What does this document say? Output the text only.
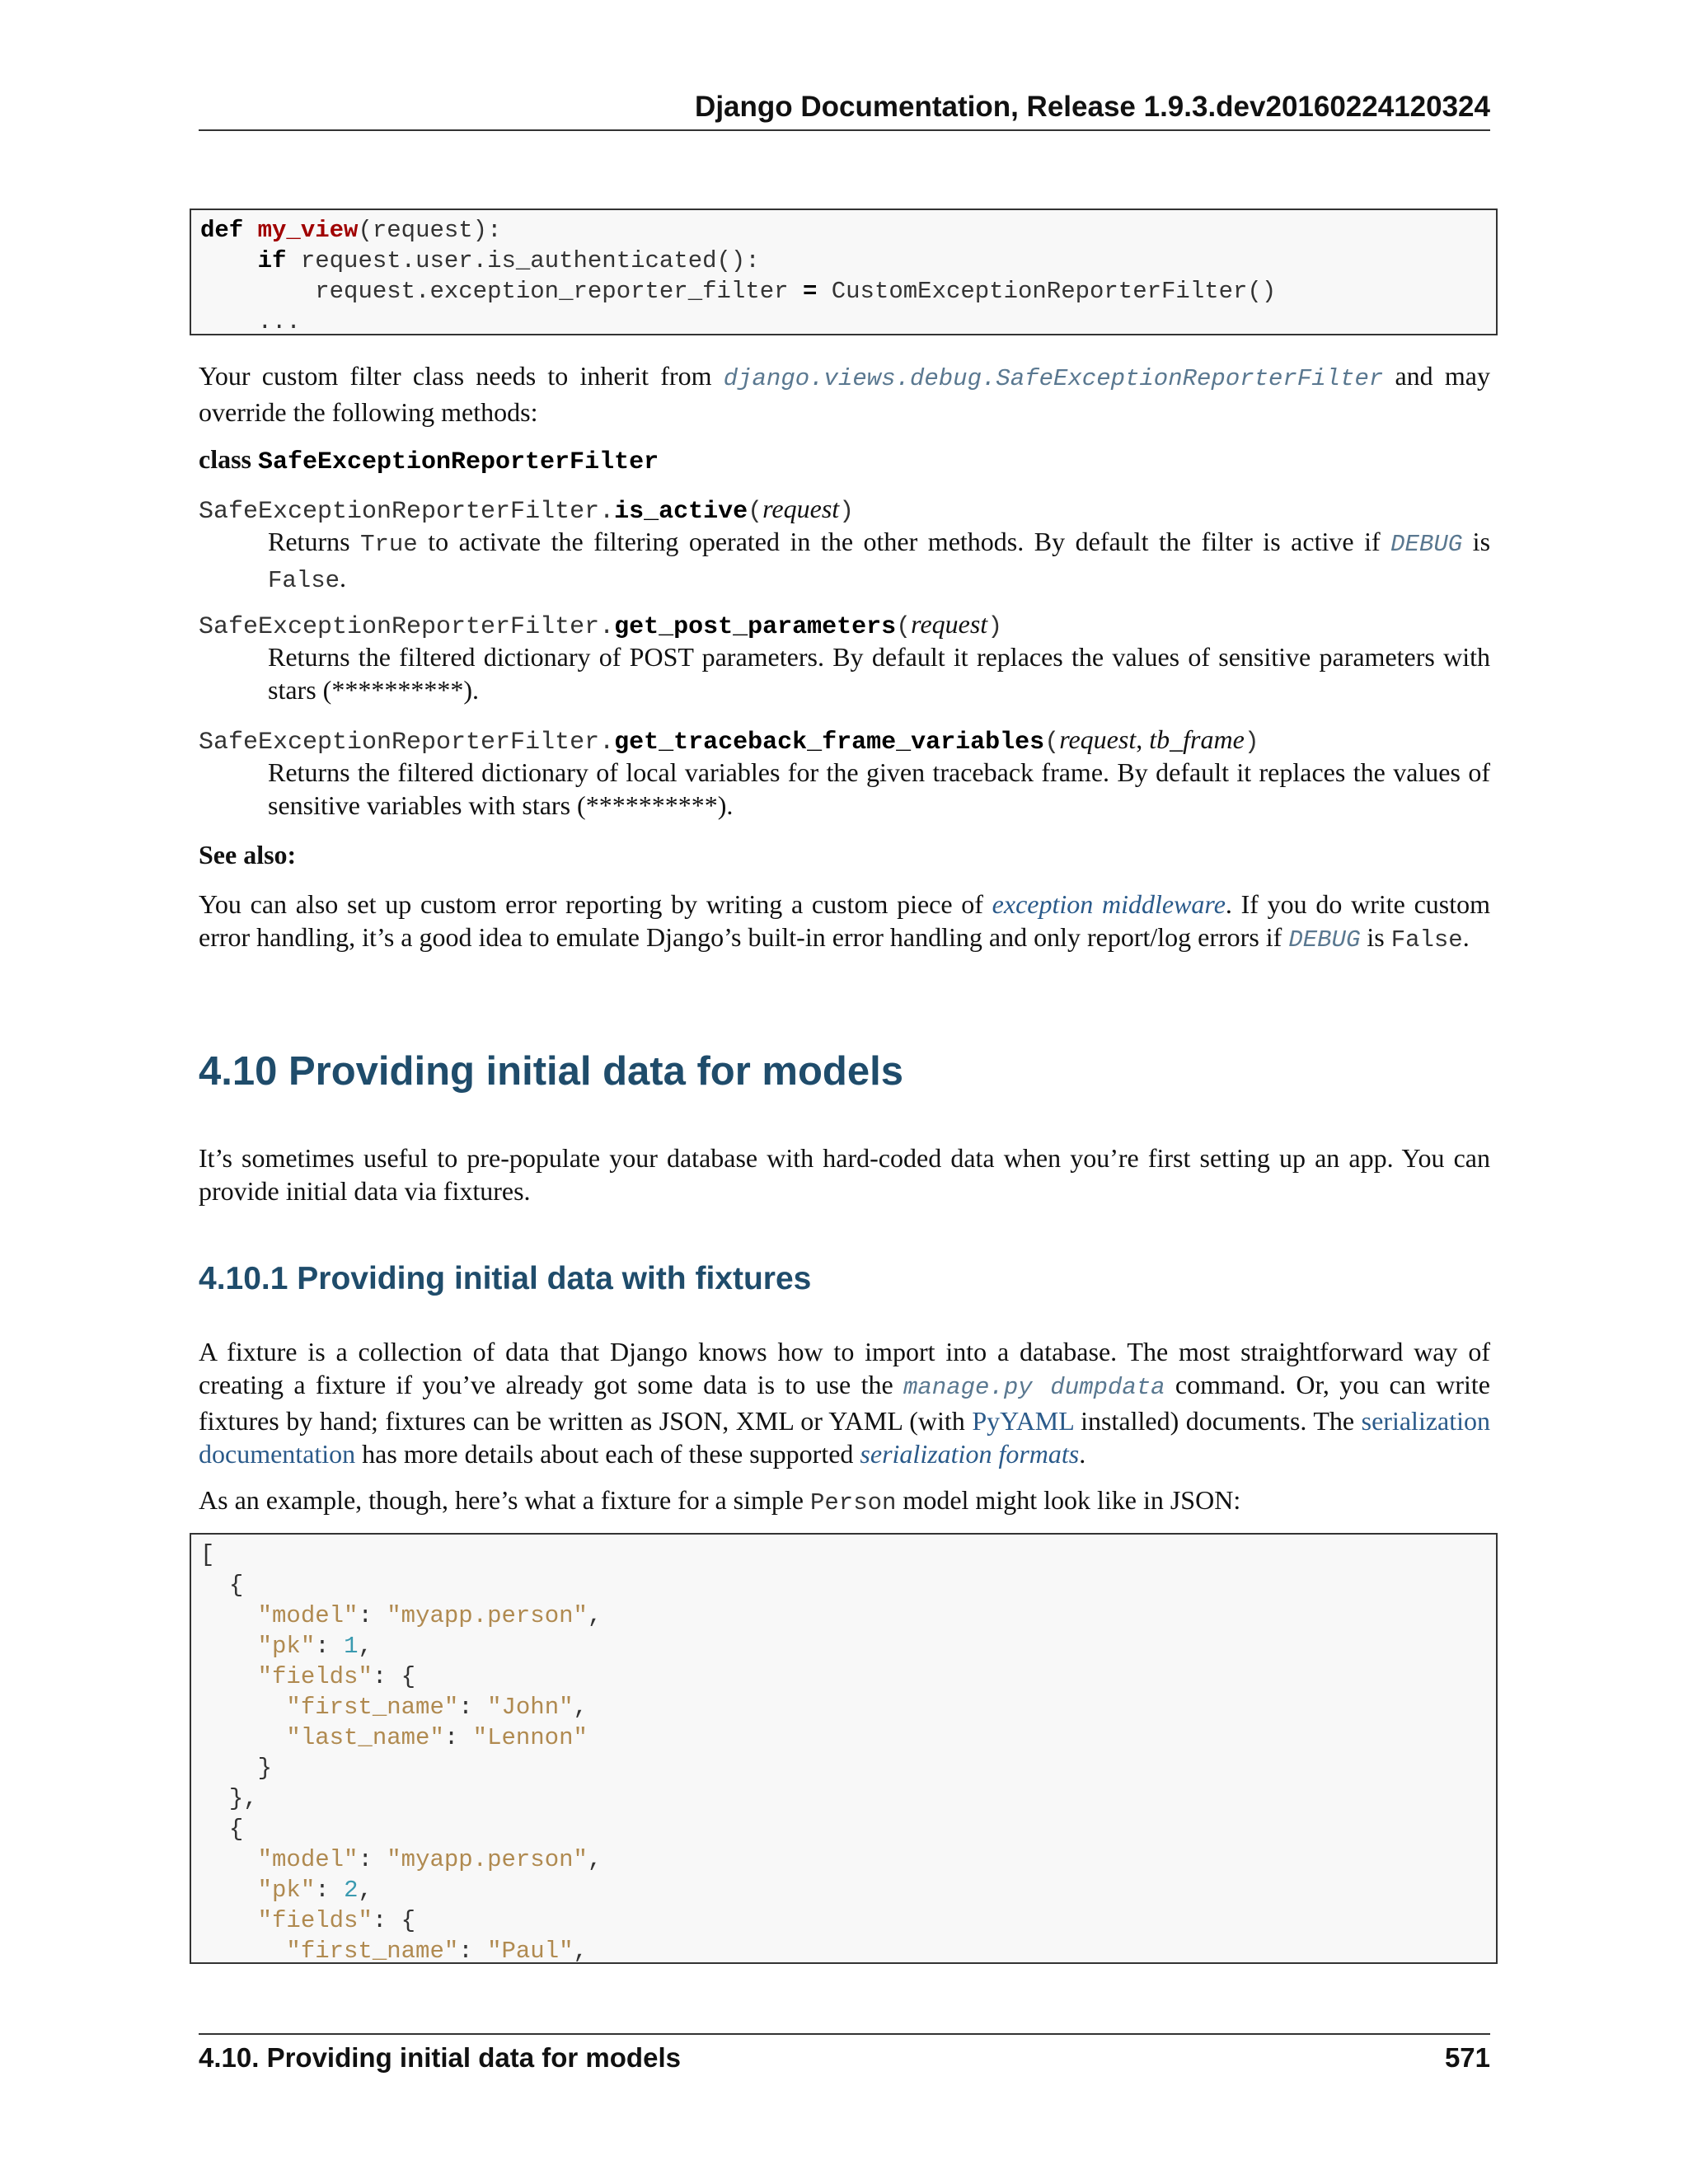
Django Documentation, Release 1.9.3.dev20160224120324
def my_view(request):
if request.user.is_authenticated():
request.exception_reporter_filter = CustomExceptionReporterFilter()
...

Your custom filter class needs to inherit from django.views.debug.SafeExceptionReporterFilter and may override the following methods:

class SafeExceptionReporterFilter
SafeExceptionReporterFilter.is_active(request)

Returns True to activate the filtering operated in the other methods. By default the filter is active if DEBUG is False.

SafeExceptionReporterFilter.get_post_parameters(request)

Returns the filtered dictionary of POST parameters. By default it replaces the values of sensitive parameters with stars (**********).

SafeExceptionReporterFilter.get_traceback_frame_variables(request, tb_frame)

Returns the filtered dictionary of local variables for the given traceback frame. By default it replaces the values of sensitive variables with stars (**********).

See also:

You can also set up custom error reporting by writing a custom piece of exception middleware. If you do write custom error handling, it’s a good idea to emulate Django’s built-in error handling and only report/log errors if DEBUG is False.

4.10 Providing initial data for models

It’s sometimes useful to pre-populate your database with hard-coded data when you’re first setting up an app. You can provide initial data via fixtures.

4.10.1 Providing initial data with fixtures

A fixture is a collection of data that Django knows how to import into a database. The most straightforward way of creating a fixture if you’ve already got some data is to use the manage.py dumpdata command. Or, you can write fixtures by hand; fixtures can be written as JSON, XML or YAML (with PyYAML installed) documents. The serialization documentation has more details about each of these supported serialization formats.

As an example, though, here’s what a fixture for a simple Person model might look like in JSON:

[
{
"model": "myapp.person",
"pk": 1,
"fields": {
"first_name": "John",
"last_name": "Lennon"
}
},
{
"model": "myapp.person",
"pk": 2,
"fields": {
"first_name": "Paul",
4.10. Providing initial data for models	571
